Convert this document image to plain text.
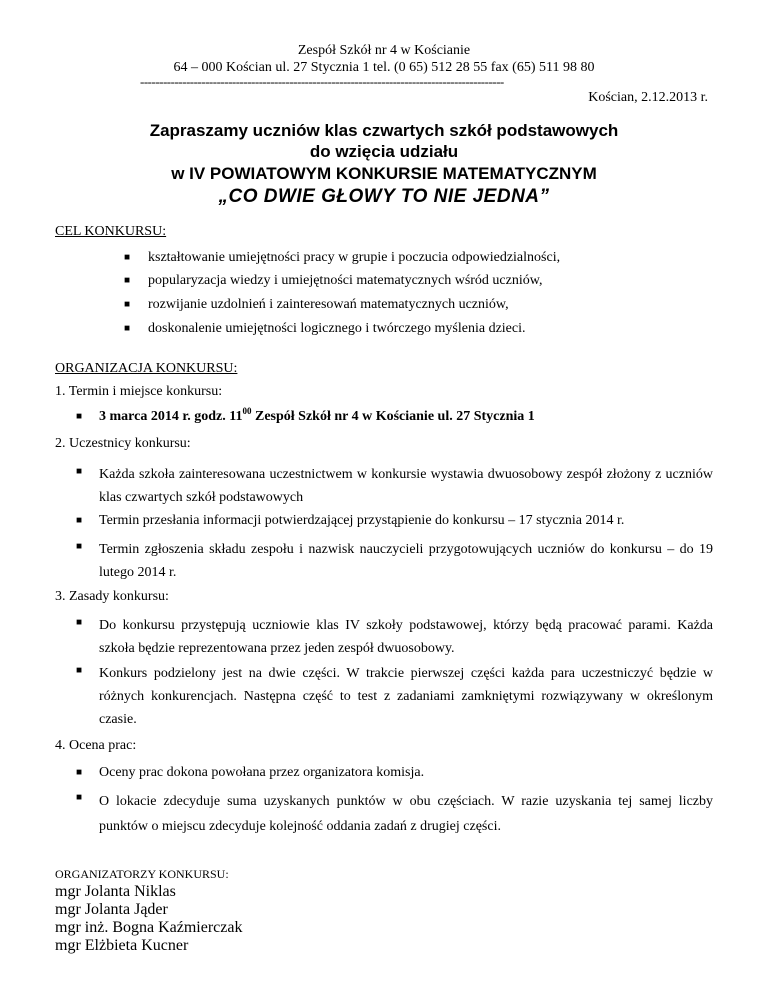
Zespół Szkół nr 4 w Kościanie
64 – 000 Kościan ul. 27 Stycznia 1 tel. (0 65) 512 28 55 fax (65) 511 98 80
-----------------------------------------------------------------------------------------------
Kościan, 2.12.2013 r.
Zapraszamy uczniów klas czwartych szkół podstawowych
do wzięcia udziału
w IV POWIATOWYM KONKURSIE MATEMATYCZNYM
„CO DWIE GŁOWY TO NIE JEDNA”
CEL KONKURSU:
■ kształtowanie umiejętności pracy w grupie i poczucia odpowiedzialności,
■ popularyzacja wiedzy i umiejętności matematycznych wśród uczniów,
■ rozwijanie uzdolnień i zainteresowań matematycznych uczniów,
■ doskonalenie umiejętności logicznego i twórczego myślenia dzieci.
ORGANIZACJA KONKURSU:
1. Termin i miejsce konkursu:
■ 3 marca 2014 r. godz. $11^{00}$ Zespół Szkół nr 4 w Kościanie ul. 27 Stycznia 1
2. Uczestnicy konkursu:
■ Każda szkoła zainteresowana uczestnictwem w konkursie wystawia dwuosobowy zespół złożony z uczniów klas czwartych szkół podstawowych
■ Termin przesłania informacji potwierdzającej przystąpienie do konkursu – 17 stycznia 2014 r.
■ Termin zgłoszenia składu zespołu i nazwisk nauczycieli przygotowujących uczniów do konkursu – do 19 lutego 2014 r.
3. Zasady konkursu:
■ Do konkursu przystępują uczniowie klas IV szkoły podstawowej, którzy będą pracować parami. Każda szkoła będzie reprezentowana przez jeden zespół dwuosobowy.
■ Konkurs podzielony jest na dwie części. W trakcie pierwszej części każda para uczestniczyć będzie w różnych konkurencjach. Następna część to test z zadaniami zamkniętymi rozwiązywany w określonym czasie.
4. Ocena prac:
■ Oceny prac dokona powołana przez organizatora komisja.
■ O lokacie zdecyduje suma uzyskanych punktów w obu częściach. W razie uzyskania tej samej liczby punktów o miejscu zdecyduje kolejność oddania zadań z drugiej części.
ORGANIZATORZY KONKURSU:
mgr Jolanta Niklas
mgr Jolanta Jąder
mgr inż. Bogna Kaźmierczak
mgr Elżbieta Kucner
